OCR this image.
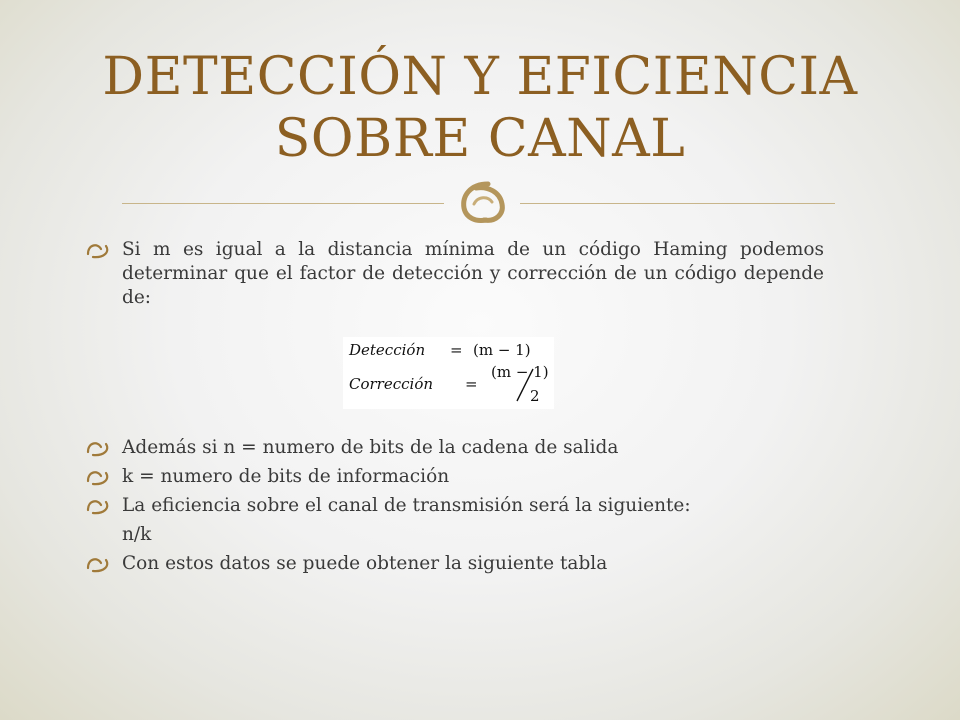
DETECCIÓN Y EFICIENCIA
SOBRE CANAL
Si m es igual a la distancia mínima de un código Haming podemos determinar que el factor de detección y corrección de un código depende de:
Además si n = numero de bits de la cadena de salida
k = numero de bits de información
La eficiencia sobre el canal de transmisión será la siguiente:
n/k
Con estos datos se puede obtener la siguiente tabla
Detección = (m − 1)
Corrección =
(m − 1)
2
